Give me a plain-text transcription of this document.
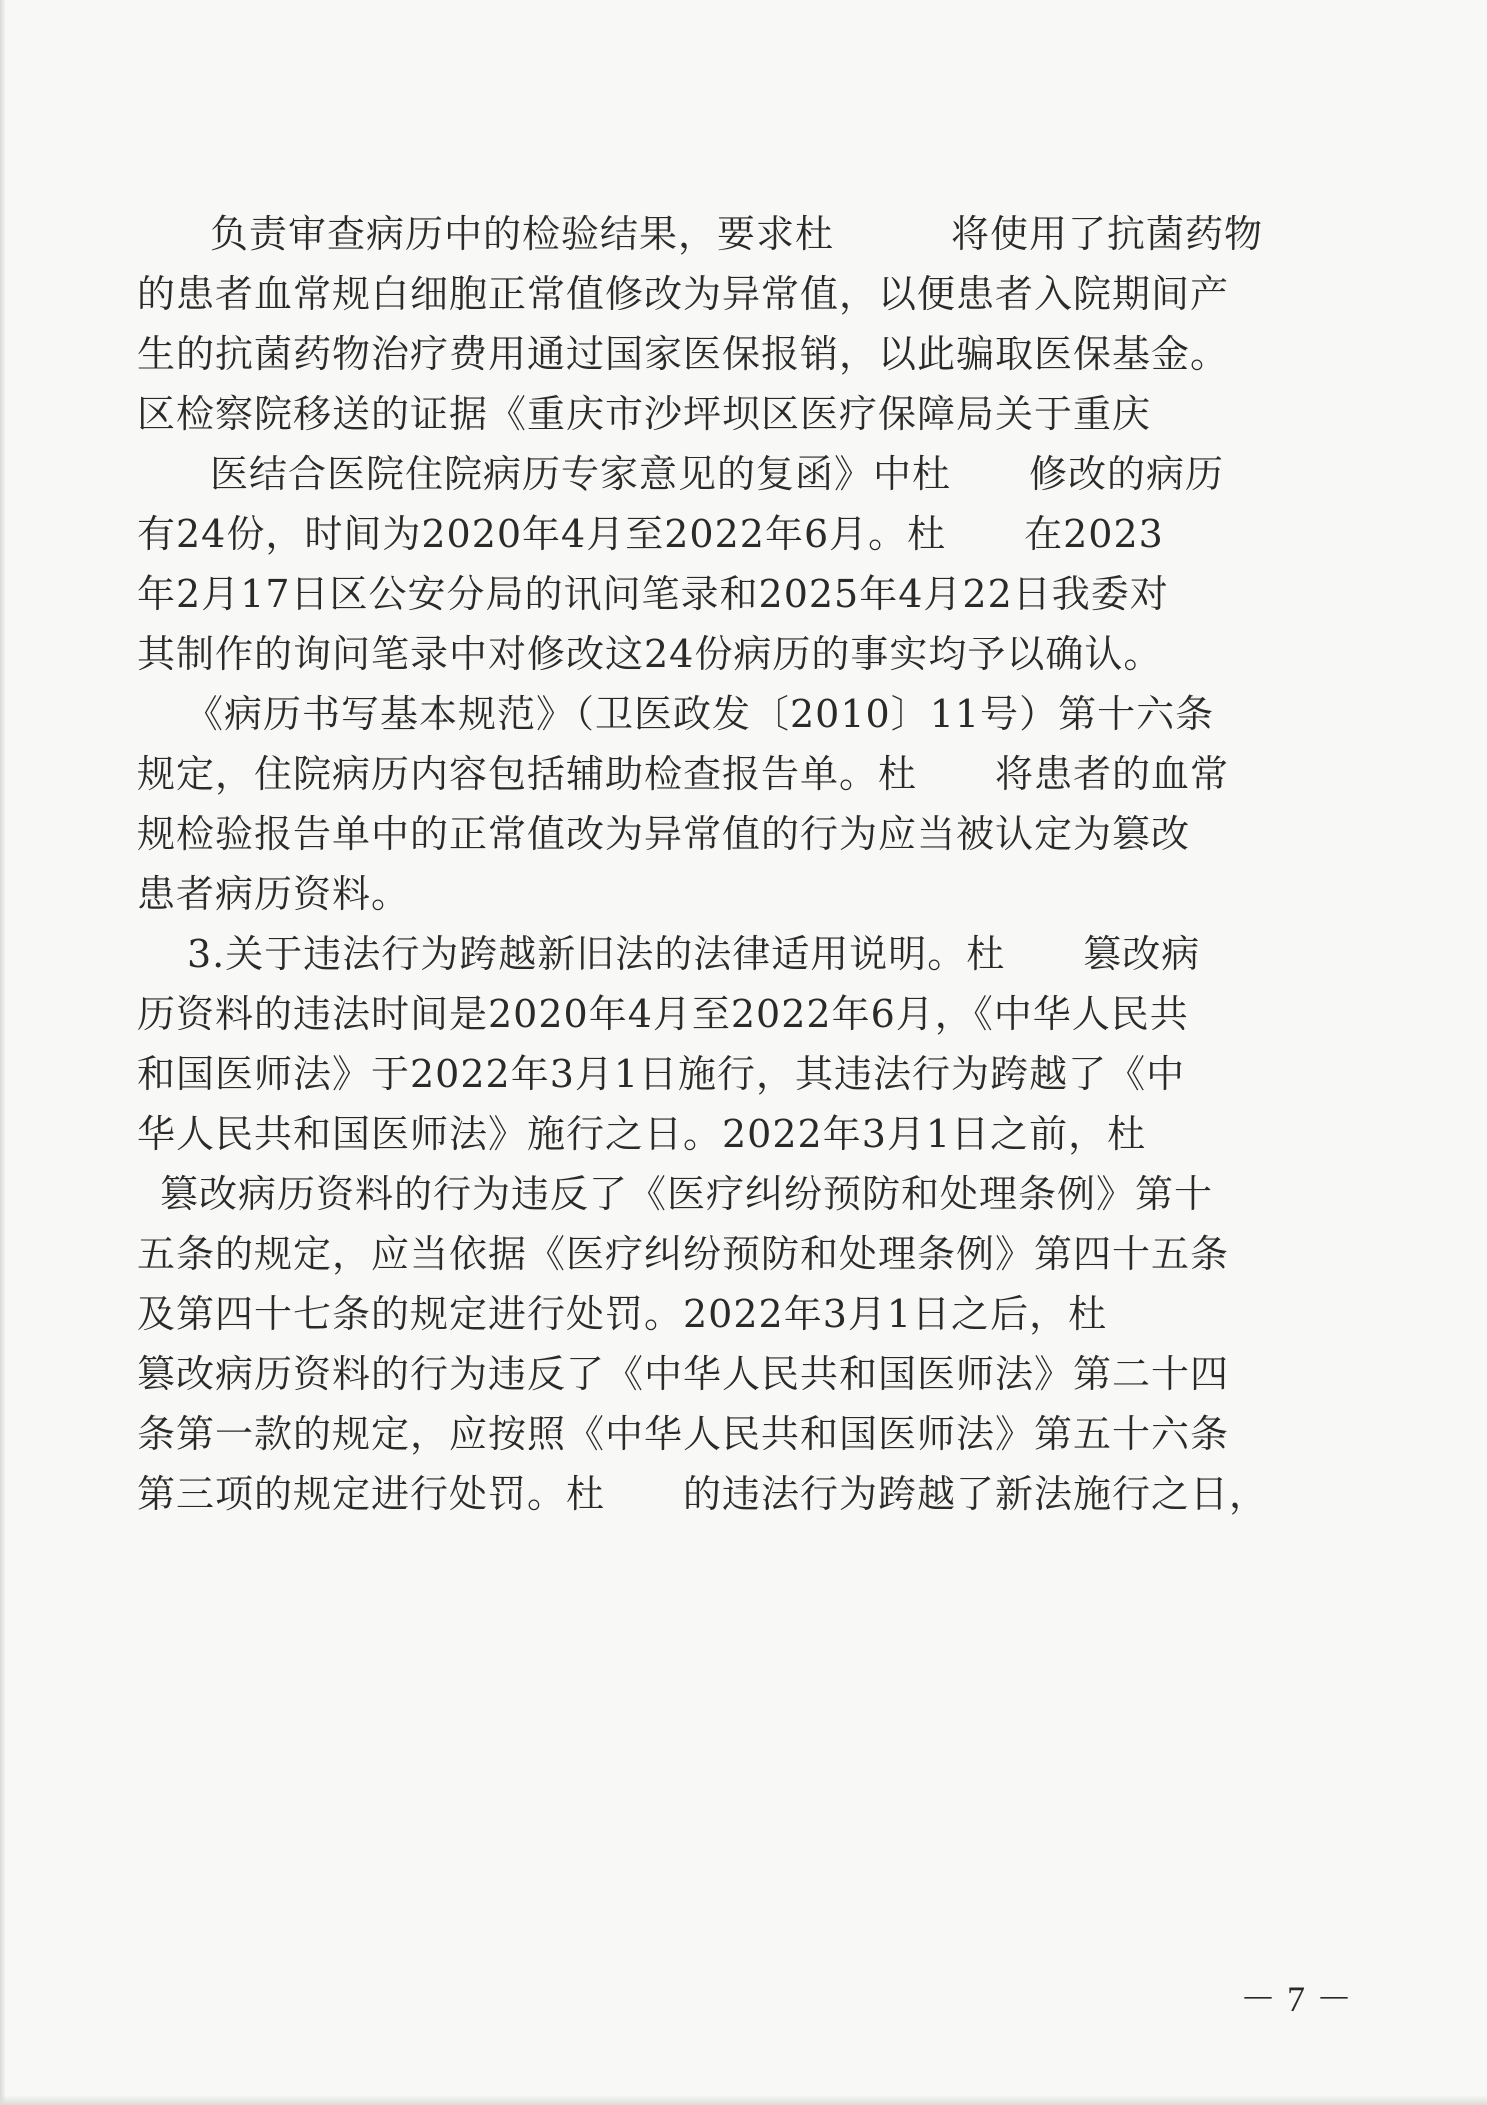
负责审查病历中的检验结果，要求杜　　　将使用了抗菌药物
的患者血常规白细胞正常值修改为异常值，以便患者入院期间产
生的抗菌药物治疗费用通过国家医保报销，以此骗取医保基金。
区检察院移送的证据《重庆市沙坪坝区医疗保障局关于重庆
医结合医院住院病历专家意见的复函》中杜　　修改的病历
有24份，时间为2020年4月至2022年6月。杜　　在2023
年2月17日区公安分局的讯问笔录和2025年4月22日我委对
其制作的询问笔录中对修改这24份病历的事实均予以确认。
《病历书写基本规范》（卫医政发〔2010〕11号）第十六条
规定，住院病历内容包括辅助检查报告单。杜　　将患者的血常
规检验报告单中的正常值改为异常值的行为应当被认定为篡改
患者病历资料。
3.关于违法行为跨越新旧法的法律适用说明。杜　　篡改病
历资料的违法时间是2020年4月至2022年6月，《中华人民共
和国医师法》于2022年3月1日施行，其违法行为跨越了《中
华人民共和国医师法》施行之日。2022年3月1日之前，杜
篡改病历资料的行为违反了《医疗纠纷预防和处理条例》第十
五条的规定，应当依据《医疗纠纷预防和处理条例》第四十五条
及第四十七条的规定进行处罚。2022年3月1日之后，杜
篡改病历资料的行为违反了《中华人民共和国医师法》第二十四
条第一款的规定，应按照《中华人民共和国医师法》第五十六条
第三项的规定进行处罚。杜　　的违法行为跨越了新法施行之日，
－ 7 －
